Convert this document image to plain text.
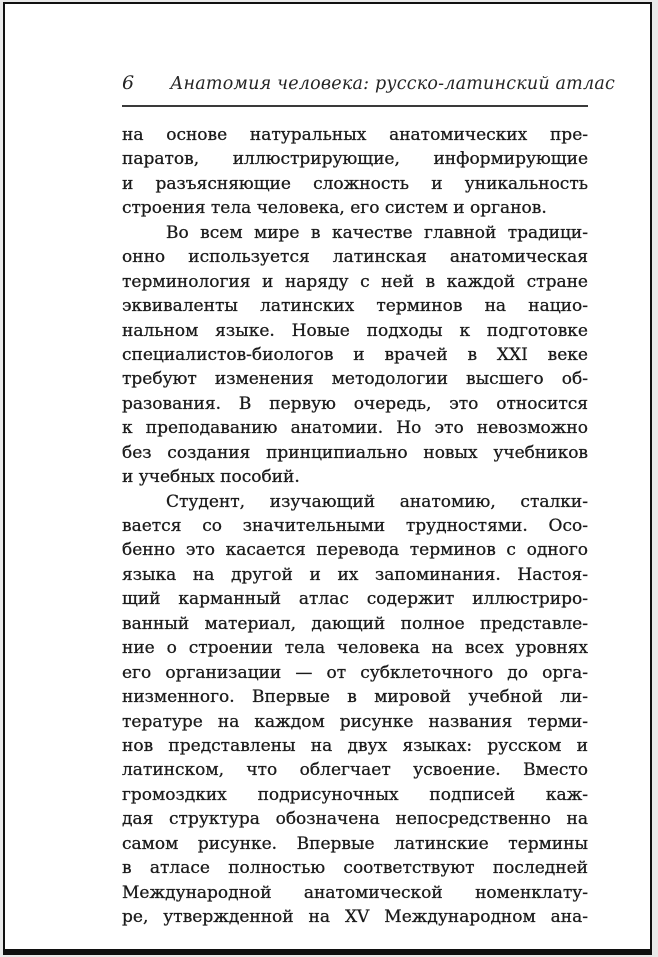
6 Анатомия человека: русско-латинский атлас
на основе натуральных анатомических пре-
паратов, иллюстрирующие, информирующие
и разъясняющие сложность и уникальность
строения тела человека, его систем и органов.
Во всем мире в качестве главной традици-
онно используется латинская анатомическая
терминология и наряду с ней в каждой стране
эквиваленты латинских терминов на нацио-
нальном языке. Новые подходы к подготовке
специалистов-биологов и врачей в XXI веке
требуют изменения методологии высшего об-
разования. В первую очередь, это относится
к преподаванию анатомии. Но это невозможно
без создания принципиально новых учебников
и учебных пособий.
Студент, изучающий анатомию, сталки-
вается со значительными трудностями. Осо-
бенно это касается перевода терминов с одного
языка на другой и их запоминания. Настоя-
щий карманный атлас содержит иллюстриро-
ванный материал, дающий полное представле-
ние о строении тела человека на всех уровнях
его организации — от субклеточного до орга-
низменного. Впервые в мировой учебной ли-
тературе на каждом рисунке названия терми-
нов представлены на двух языках: русском и
латинском, что облегчает усвоение. Вместо
громоздких подрисуночных подписей каж-
дая структура обозначена непосредственно на
самом рисунке. Впервые латинские термины
в атласе полностью соответствуют последней
Международной анатомической номенклату-
ре, утвержденной на XV Международном ана-
